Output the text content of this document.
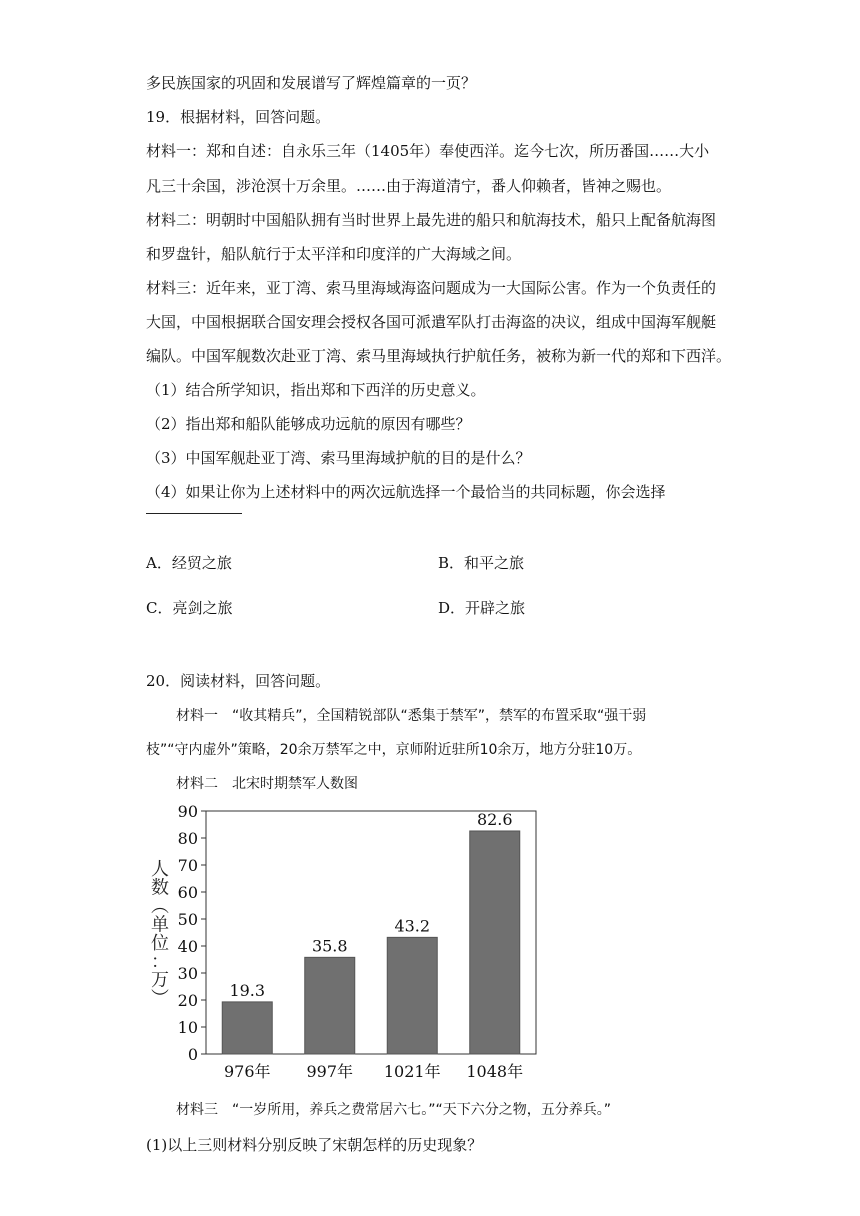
多民族国家的巩固和发展谱写了辉煌篇章的一页？
19．根据材料，回答问题。
材料一：郑和自述：自永乐三年（1405年）奉使西洋。迄今七次，所历番国……大小
凡三十余国，涉沧溟十万余里。……由于海道清宁，番人仰赖者，皆神之赐也。
材料二：明朝时中国船队拥有当时世界上最先进的船只和航海技术，船只上配备航海图
和罗盘针，船队航行于太平洋和印度洋的广大海域之间。
材料三：近年来，亚丁湾、索马里海域海盗问题成为一大国际公害。作为一个负责任的
大国，中国根据联合国安理会授权各国可派遣军队打击海盗的决议，组成中国海军舰艇
编队。中国军舰数次赴亚丁湾、索马里海域执行护航任务，被称为新一代的郑和下西洋。
（1）结合所学知识，指出郑和下西洋的历史意义。
（2）指出郑和船队能够成功远航的原因有哪些？
（3）中国军舰赴亚丁湾、索马里海域护航的目的是什么？
（4）如果让你为上述材料中的两次远航选择一个最恰当的共同标题，你会选择
A．经贸之旅	B．和平之旅
C．亮剑之旅	D．开辟之旅
20．阅读材料，回答问题。
材料一　“收其精兵”，全国精锐部队“悉集于禁军”，禁军的布置采取“强干弱
枝”“守内虚外”策略，20余万禁军之中，京师附近驻所10余万，地方分驻10万。
材料二　北宋时期禁军人数图
人
数
︵
单
位
：
万
︶
0
10
20
30
40
50
60
70
80
90
19.3
35.8
43.2
82.6
976年 997年 1021年 1048年
材料三　“一岁所用，养兵之费常居六七。”“天下六分之物，五分养兵。”
(1)以上三则材料分别反映了宋朝怎样的历史现象？
